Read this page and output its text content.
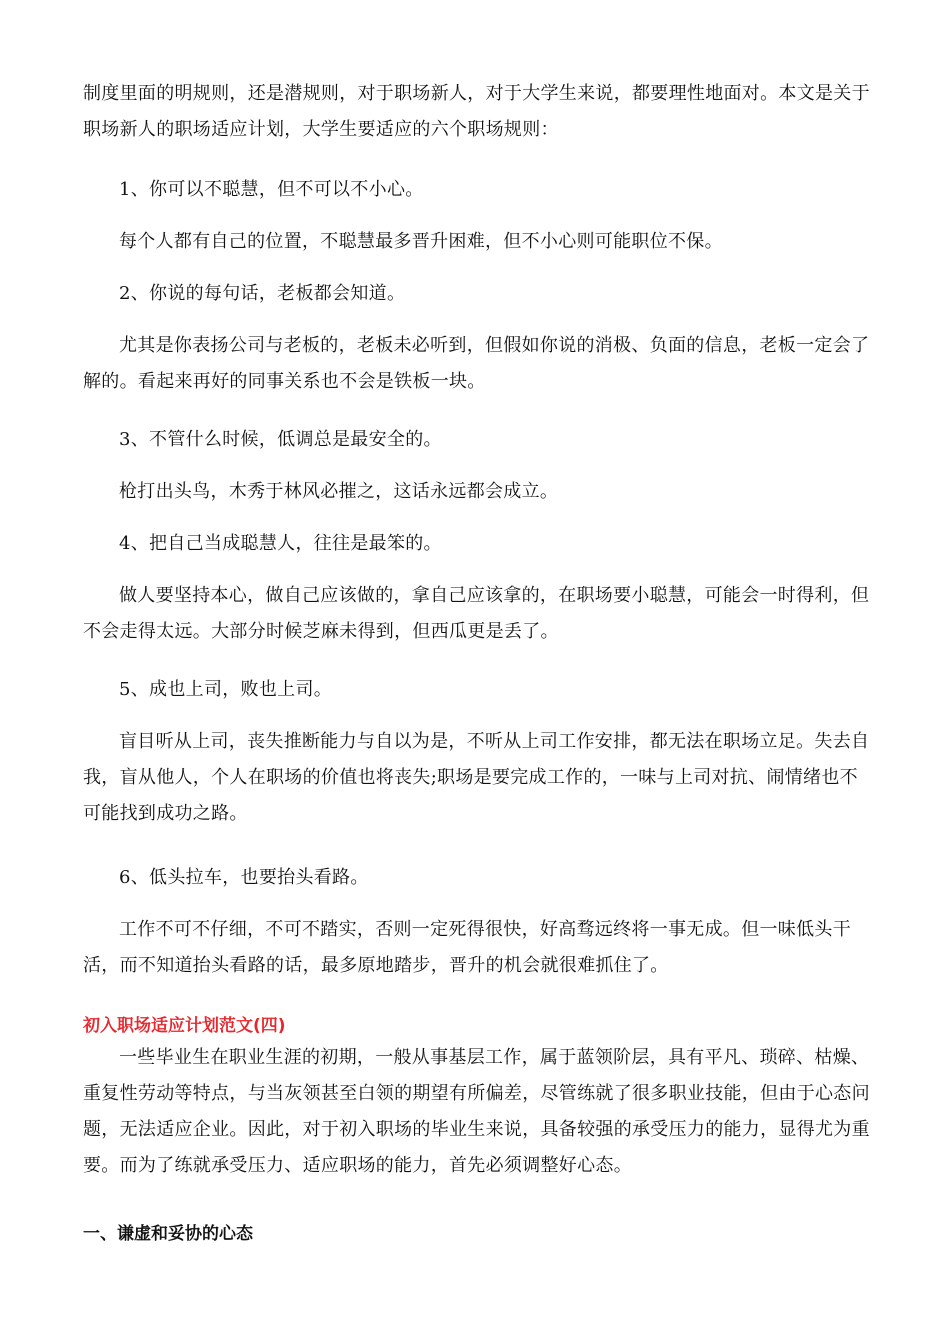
制度里面的明规则，还是潜规则，对于职场新人，对于大学生来说，都要理性地面对。本文是关于职场新人的职场适应计划，大学生要适应的六个职场规则：

1、你可以不聪慧，但不可以不小心。

每个人都有自己的位置，不聪慧最多晋升困难，但不小心则可能职位不保。

2、你说的每句话，老板都会知道。

尤其是你表扬公司与老板的，老板未必听到，但假如你说的消极、负面的信息，老板一定会了解的。看起来再好的同事关系也不会是铁板一块。

3、不管什么时候，低调总是最安全的。

枪打出头鸟，木秀于林风必摧之，这话永远都会成立。

4、把自己当成聪慧人，往往是最笨的。

做人要坚持本心，做自己应该做的，拿自己应该拿的，在职场要小聪慧，可能会一时得利，但不会走得太远。大部分时候芝麻未得到，但西瓜更是丢了。

5、成也上司，败也上司。

盲目听从上司，丧失推断能力与自以为是，不听从上司工作安排，都无法在职场立足。失去自我，盲从他人，个人在职场的价值也将丧失;职场是要完成工作的，一味与上司对抗、闹情绪也不可能找到成功之路。

6、低头拉车，也要抬头看路。

工作不可不仔细，不可不踏实，否则一定死得很快，好高骛远终将一事无成。但一味低头干活，而不知道抬头看路的话，最多原地踏步，晋升的机会就很难抓住了。

初入职场适应计划范文(四)

一些毕业生在职业生涯的初期，一般从事基层工作，属于蓝领阶层，具有平凡、琐碎、枯燥、重复性劳动等特点，与当灰领甚至白领的期望有所偏差，尽管练就了很多职业技能，但由于心态问题，无法适应企业。因此，对于初入职场的毕业生来说，具备较强的承受压力的能力，显得尤为重要。而为了练就承受压力、适应职场的能力，首先必须调整好心态。

一、谦虚和妥协的心态
